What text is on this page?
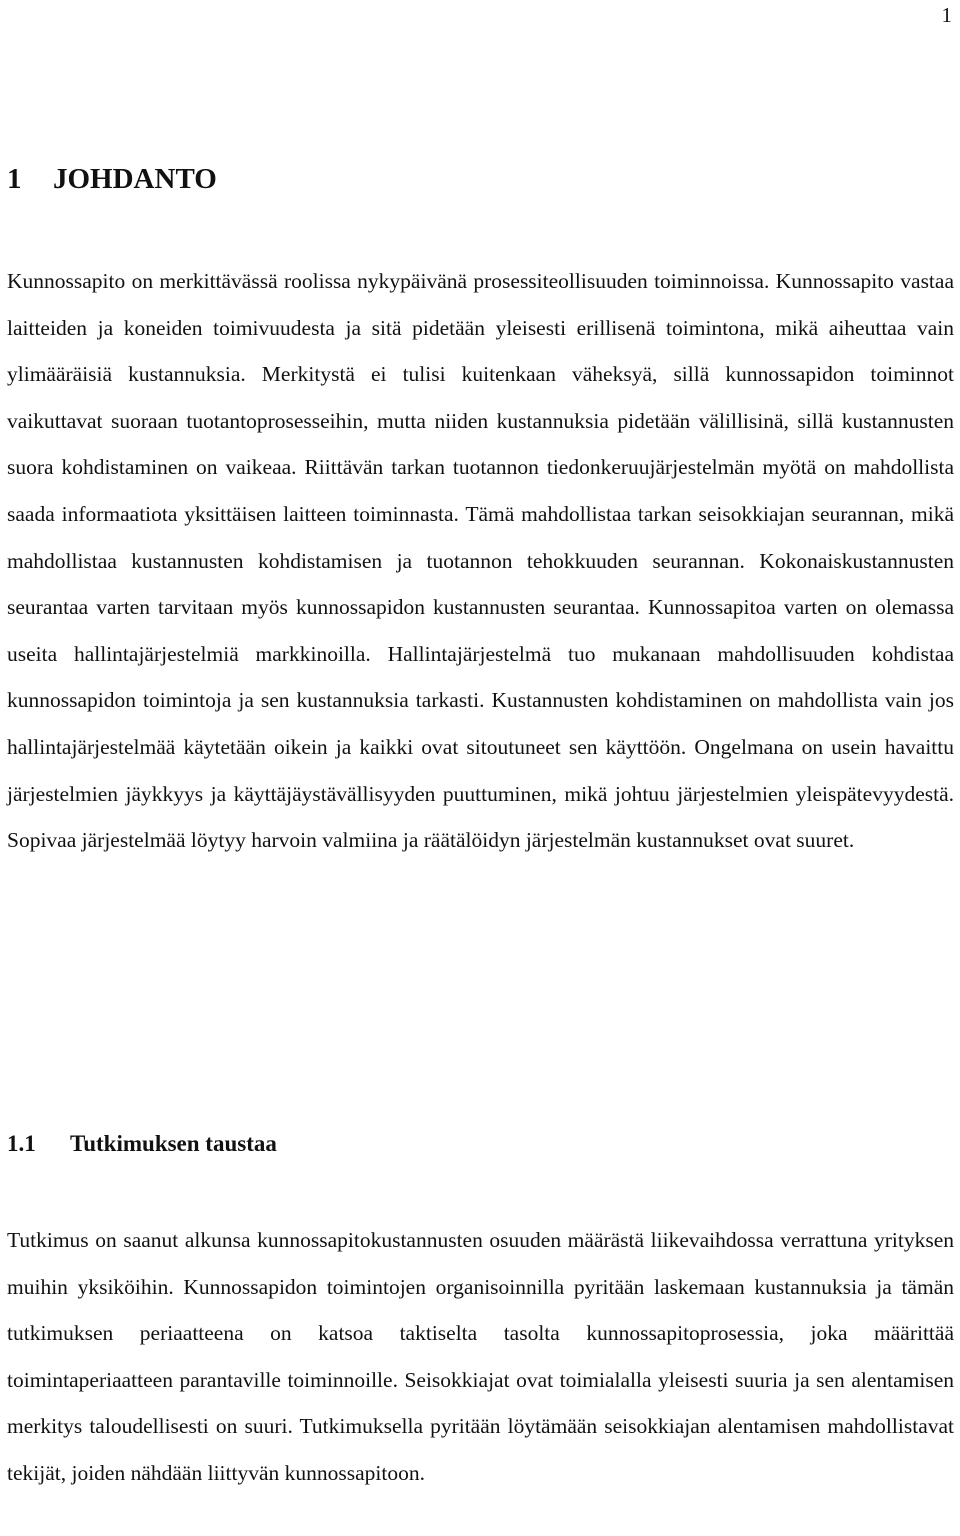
1
1	JOHDANTO

Kunnossapito on merkittävässä roolissa nykypäivänä prosessiteollisuuden toiminnoissa. Kunnossapito vastaa laitteiden ja koneiden toimivuudesta ja sitä pidetään yleisesti erillisenä toimintona, mikä aiheuttaa vain ylimääräisiä kustannuksia. Merkitystä ei tulisi kuitenkaan väheksyä, sillä kunnossapidon toiminnot vaikuttavat suoraan tuotantoprosesseihin, mutta niiden kustannuksia pidetään välillisinä, sillä kustannusten suora kohdistaminen on vaikeaa. Riittävän tarkan tuotannon tiedonkeruujärjestelmän myötä on mahdollista saada informaatiota yksittäisen laitteen toiminnasta. Tämä mahdollistaa tarkan seisokkiajan seurannan, mikä mahdollistaa kustannusten kohdistamisen ja tuotannon tehokkuuden seurannan. Kokonaiskustannusten seurantaa varten tarvitaan myös kunnossapidon kustannusten seurantaa. Kunnossapitoa varten on olemassa useita hallintajärjestelmiä markkinoilla. Hallintajärjestelmä tuo mukanaan mahdollisuuden kohdistaa kunnossapidon toimintoja ja sen kustannuksia tarkasti. Kustannusten kohdistaminen on mahdollista vain jos hallintajärjestelmää käytetään oikein ja kaikki ovat sitoutuneet sen käyttöön. Ongelmana on usein havaittu järjestelmien jäykkyys ja käyttäjäystävällisyyden puuttuminen, mikä johtuu järjestelmien yleispätevyydestä. Sopivaa järjestelmää löytyy harvoin valmiina ja räätälöidyn järjestelmän kustannukset ovat suuret.

1.1	Tutkimuksen taustaa

Tutkimus on saanut alkunsa kunnossapitokustannusten osuuden määrästä liikevaihdossa verrattuna yrityksen muihin yksiköihin. Kunnossapidon toimintojen organisoinnilla pyritään laskemaan kustannuksia ja tämän tutkimuksen periaatteena on katsoa taktiselta tasolta kunnossapitoprosessia, joka määrittää toimintaperiaatteen parantaville toiminnoille. Seisokkiajat ovat toimialalla yleisesti suuria ja sen alentamisen merkitys taloudellisesti on suuri. Tutkimuksella pyritään löytämään seisokkiajan alentamisen mahdollistavat tekijät, joiden nähdään liittyvän kunnossapitoon.
